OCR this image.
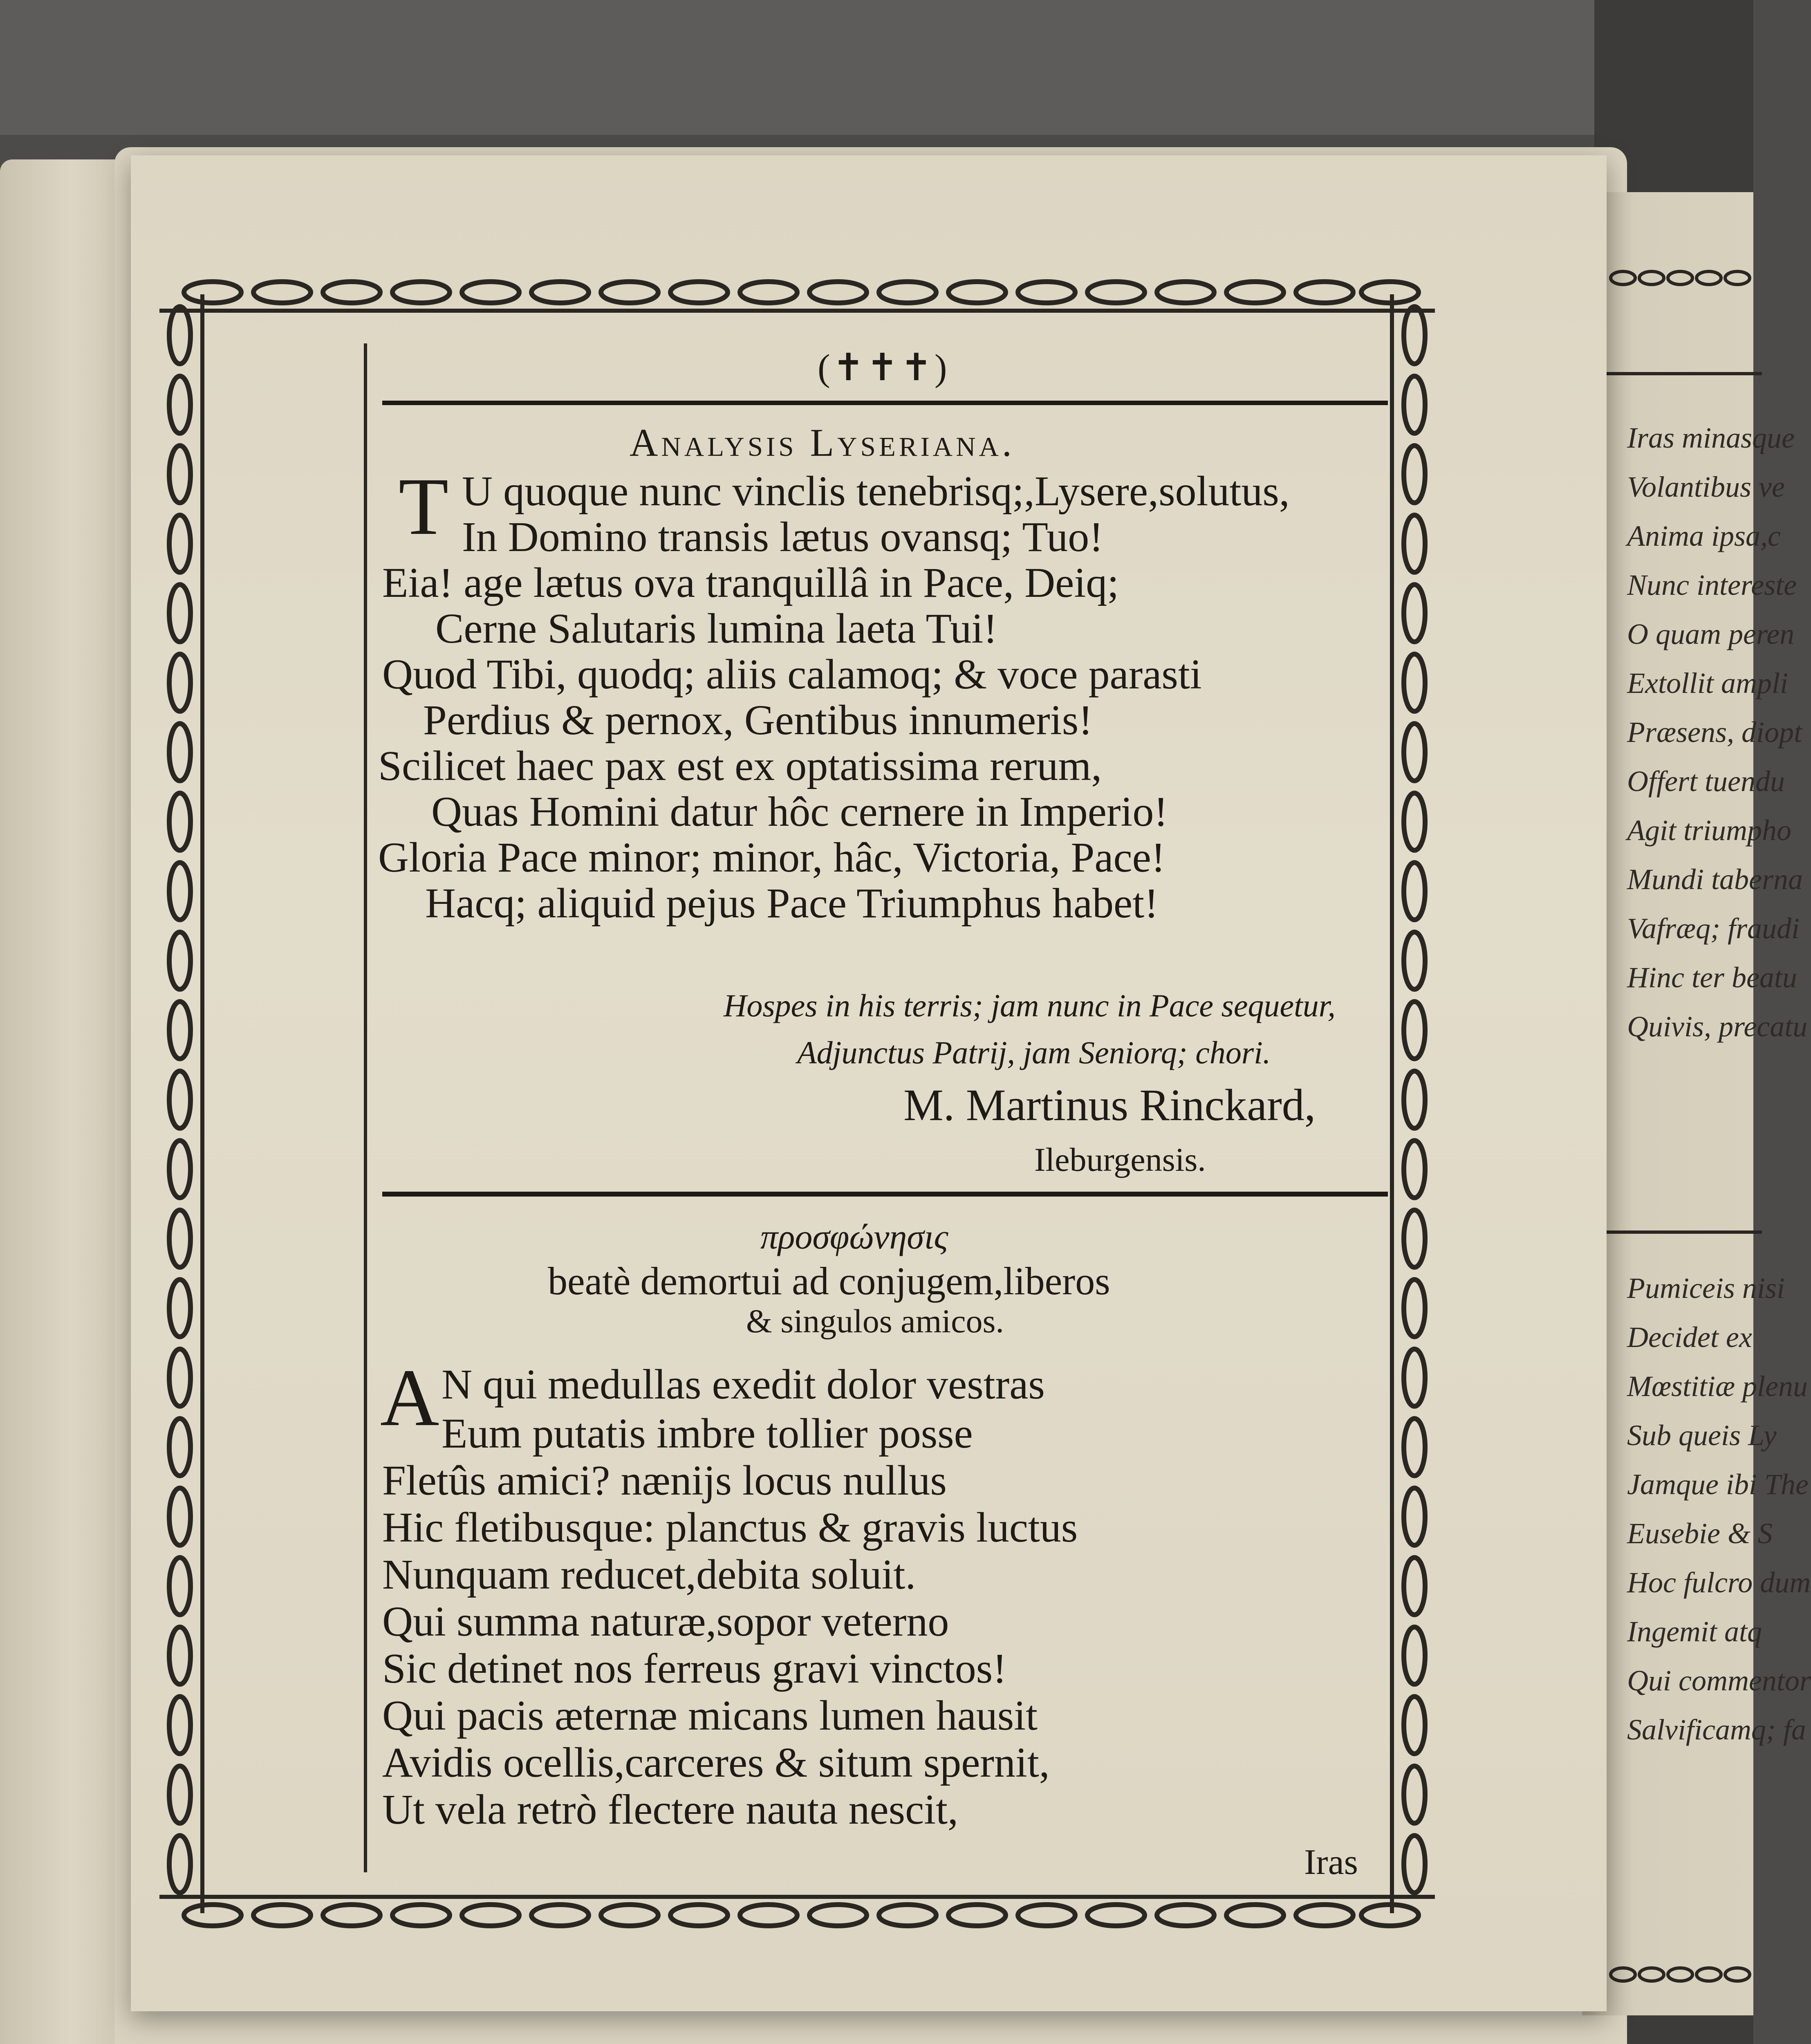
Iras minasque
Volantibus ve
Anima ipsa,c
Nunc intereste
O quam peren
Extollit ampli
Præsens, diopt
Offert tuendu
Agit triumpho
Mundi taberna
Vafræq; fraudi
Hinc ter beatu
Quivis, precatu
Pumiceis nisi
Decidet ex
Mœstitiæ plenu
Sub queis Ly
Jamque ibi The
Eusebie & S
Hoc fulcro dum
Ingemit atq
Qui commentor
Salvificamq; fa
(✝✝✝)
Analysis Lyseriana.
T U quoque nunc vinclis tenebrisq;,Lysere,solutus,
In Domino transis lætus ovansq; Tuo!
Eia! age lætus ova tranquillâ in Pace, Deiq;
Cerne Salutaris lumina laeta Tui!
Quod Tibi, quodq; aliis calamoq; & voce parasti
Perdius & pernox, Gentibus innumeris!
Scilicet haec pax est ex optatissima rerum,
Quas Homini datur hôc cernere in Imperio!
Gloria Pace minor; minor, hâc, Victoria, Pace!
Hacq; aliquid pejus Pace Triumphus habet!
Hospes in his terris; jam nunc in Pace sequetur,
Adjunctus Patrij, jam Seniorq; chori.
M. Martinus Rinckard,
Ileburgensis.
προσφώνησις
beatè demortui ad conjugem,liberos
& singulos amicos.
A N qui medullas exedit dolor vestras
Eum putatis imbre tollier posse
Fletûs amici? nænijs locus nullus
Hic fletibusque: planctus & gravis luctus
Nunquam reducet,debita soluit.
Qui summa naturæ,sopor veterno
Sic detinet nos ferreus gravi vinctos!
Qui pacis æternæ micans lumen hausit
Avidis ocellis,carceres & situm spernit,
Ut vela retrò flectere nauta nescit,
Iras
